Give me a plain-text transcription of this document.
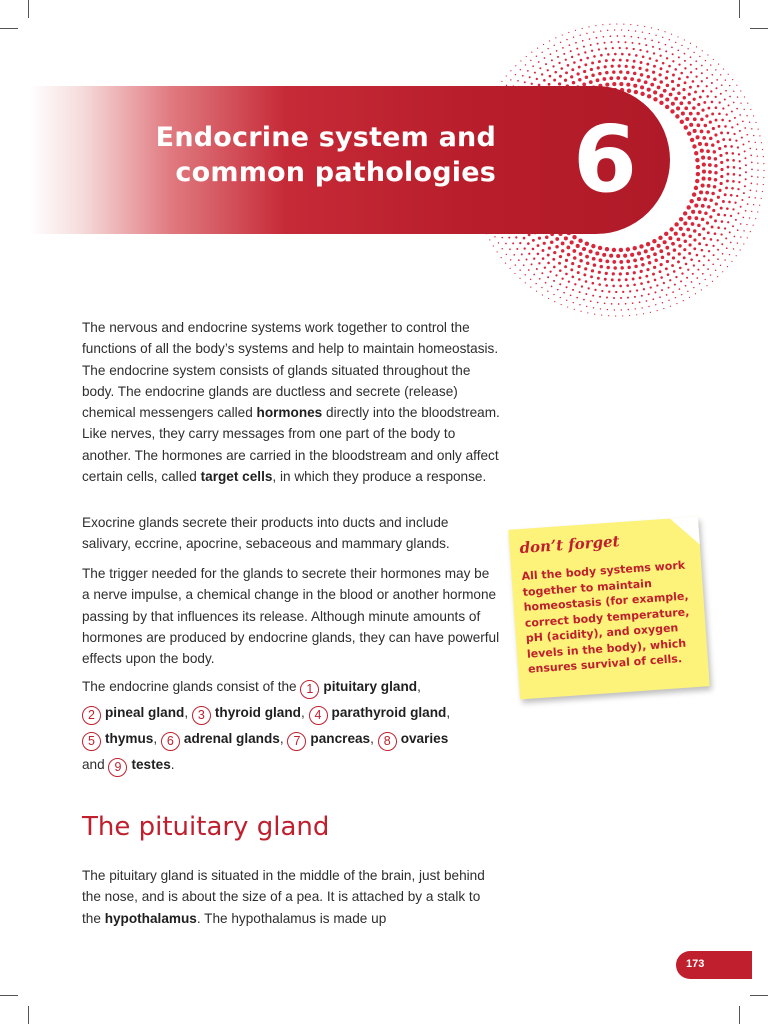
Endocrine system and
common pathologies 6

The nervous and endocrine systems work together to control the functions of all the body’s systems and help to maintain homeostasis. The endocrine system consists of glands situated throughout the body. The endocrine glands are ductless and secrete (release) chemical messengers called hormones directly into the bloodstream. Like nerves, they carry messages from one part of the body to another. The hormones are carried in the bloodstream and only affect certain cells, called target cells, in which they produce a response.

Exocrine glands secrete their products into ducts and include salivary, eccrine, apocrine, sebaceous and mammary glands.

The trigger needed for the glands to secrete their hormones may be a nerve impulse, a chemical change in the blood or another hormone passing by that influences its release. Although minute amounts of hormones are produced by endocrine glands, they can have powerful effects upon the body.

The endocrine glands consist of the 1 pituitary gland,
2 pineal gland, 3 thyroid gland, 4 parathyroid gland,
5 thymus, 6 adrenal glands, 7 pancreas, 8 ovaries
and 9 testes.
don’t forget
All the body systems work together to maintain homeostasis (for example, correct body temperature, pH (acidity), and oxygen levels in the body), which ensures survival of cells.
The pituitary gland

The pituitary gland is situated in the middle of the brain, just behind the nose, and is about the size of a pea. It is attached by a stalk to the hypothalamus. The hypothalamus is made up

173
